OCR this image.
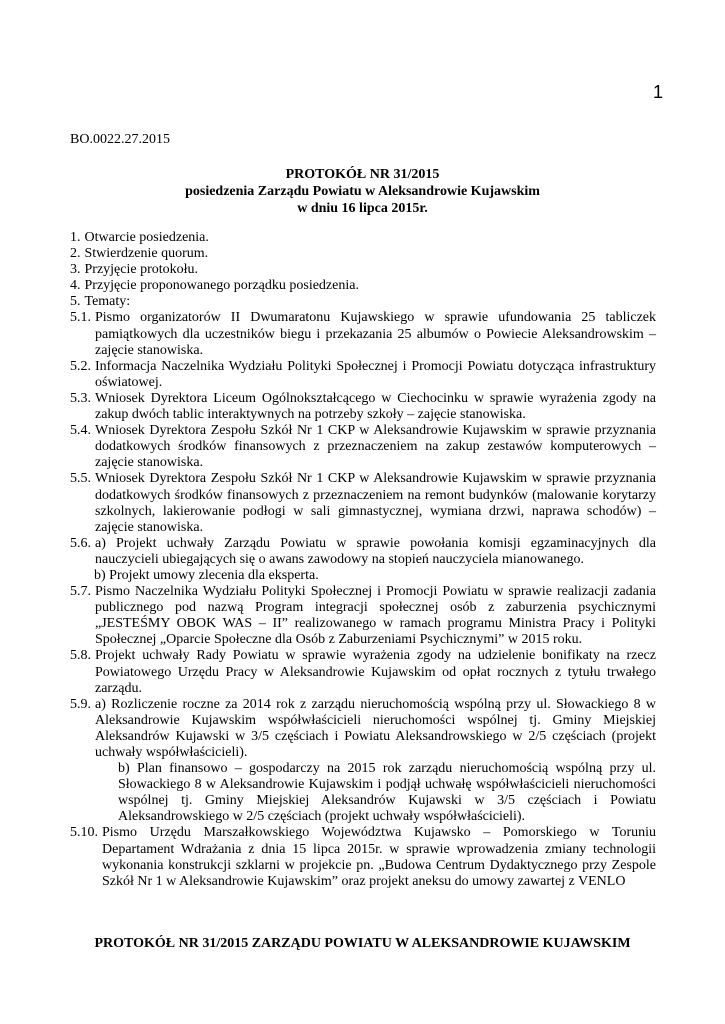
1
BO.0022.27.2015
PROTOKÓŁ NR 31/2015
posiedzenia Zarządu Powiatu w Aleksandrowie Kujawskim
w dniu 16 lipca 2015r.
1. Otwarcie posiedzenia.
2. Stwierdzenie quorum.
3. Przyjęcie protokołu.
4. Przyjęcie proponowanego porządku posiedzenia.
5. Tematy:
5.1. Pismo organizatorów II Dwumaratonu Kujawskiego w sprawie ufundowania 25 tabliczek pamiątkowych dla uczestników biegu i przekazania 25 albumów o Powiecie Aleksandrowskim – zajęcie stanowiska.
5.2. Informacja Naczelnika Wydziału Polityki Społecznej i Promocji Powiatu dotycząca infrastruktury oświatowej.
5.3. Wniosek Dyrektora Liceum Ogólnokształcącego w Ciechocinku w sprawie wyrażenia zgody na zakup dwóch tablic interaktywnych na potrzeby szkoły – zajęcie stanowiska.
5.4. Wniosek Dyrektora Zespołu Szkół Nr 1 CKP w Aleksandrowie Kujawskim w sprawie przyznania dodatkowych środków finansowych z przeznaczeniem na zakup zestawów komputerowych – zajęcie stanowiska.
5.5. Wniosek Dyrektora Zespołu Szkół Nr 1 CKP w Aleksandrowie Kujawskim w sprawie przyznania dodatkowych środków finansowych z przeznaczeniem na remont budynków (malowanie korytarzy szkolnych, lakierowanie podłogi w sali gimnastycznej, wymiana drzwi, naprawa schodów) – zajęcie stanowiska.
5.6. a) Projekt uchwały Zarządu Powiatu w sprawie powołania komisji egzaminacyjnych dla nauczycieli ubiegających się o awans zawodowy na stopień nauczyciela mianowanego.
b) Projekt umowy zlecenia dla eksperta.
5.7. Pismo Naczelnika Wydziału Polityki Społecznej i Promocji Powiatu w sprawie realizacji zadania publicznego pod nazwą Program integracji społecznej osób z zaburzenia psychicznymi „JESTEŚMY OBOK WAS – II” realizowanego w ramach programu Ministra Pracy i Polityki Społecznej „Oparcie Społeczne dla Osób z Zaburzeniami Psychicznymi” w 2015 roku.
5.8. Projekt uchwały Rady Powiatu w sprawie wyrażenia zgody na udzielenie bonifikaty na rzecz Powiatowego Urzędu Pracy w Aleksandrowie Kujawskim od opłat rocznych z tytułu trwałego zarządu.
5.9. a) Rozliczenie roczne za 2014 rok z zarządu nieruchomością wspólną przy ul. Słowackiego 8 w Aleksandrowie Kujawskim współwłaścicieli nieruchomości wspólnej tj. Gminy Miejskiej Aleksandrów Kujawski w 3/5 częściach i Powiatu Aleksandrowskiego w 2/5 częściach (projekt uchwały współwłaścicieli).
b) Plan finansowo – gospodarczy na 2015 rok zarządu nieruchomością wspólną przy ul. Słowackiego 8 w Aleksandrowie Kujawskim i podjął uchwałę współwłaścicieli nieruchomości wspólnej tj. Gminy Miejskiej Aleksandrów Kujawski w 3/5 częściach i Powiatu Aleksandrowskiego w 2/5 częściach (projekt uchwały współwłaścicieli).
5.10. Pismo Urzędu Marszałkowskiego Województwa Kujawsko – Pomorskiego w Toruniu Departament Wdrażania z dnia 15 lipca 2015r. w sprawie wprowadzenia zmiany technologii wykonania konstrukcji szklarni w projekcie pn. „Budowa Centrum Dydaktycznego przy Zespole Szkół Nr 1 w Aleksandrowie Kujawskim” oraz projekt aneksu do umowy zawartej z VENLO
PROTOKÓŁ NR 31/2015 ZARZĄDU POWIATU W ALEKSANDROWIE KUJAWSKIM
